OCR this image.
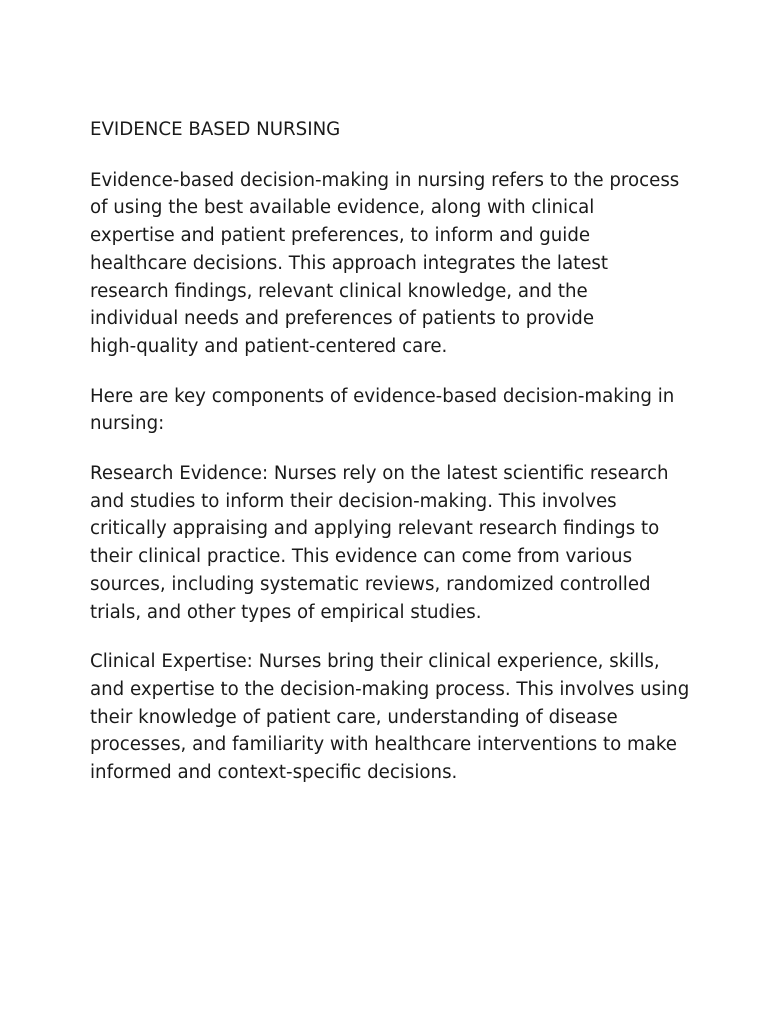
EVIDENCE BASED NURSING
Evidence-based decision-making in nursing refers to the process
of using the best available evidence, along with clinical
expertise and patient preferences, to inform and guide
healthcare decisions. This approach integrates the latest
research findings, relevant clinical knowledge, and the
individual needs and preferences of patients to provide
high-quality and patient-centered care.
Here are key components of evidence-based decision-making in
nursing:
Research Evidence: Nurses rely on the latest scientific research
and studies to inform their decision-making. This involves
critically appraising and applying relevant research findings to
their clinical practice. This evidence can come from various
sources, including systematic reviews, randomized controlled
trials, and other types of empirical studies.
Clinical Expertise: Nurses bring their clinical experience, skills,
and expertise to the decision-making process. This involves using
their knowledge of patient care, understanding of disease
processes, and familiarity with healthcare interventions to make
informed and context-specific decisions.
